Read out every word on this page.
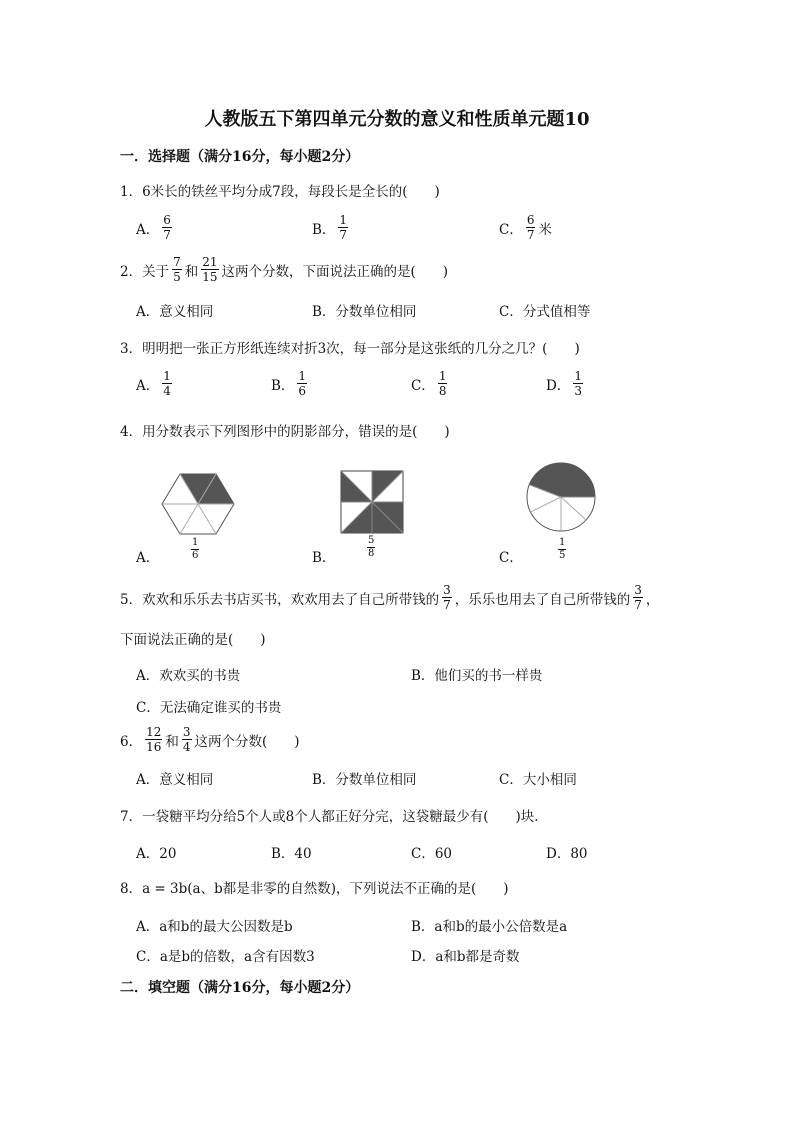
人教版五下第四单元分数的意义和性质单元题10
一．选择题（满分16分，每小题2分）
1．6米长的铁丝平均分成7段，每段长是全长的(　　)
A． $\frac{6}{7}$	B． $\frac{1}{7}$	C． $\frac{6}{7}$ 米
2．关于 $\frac{7}{5}$ 和 $\frac{21}{15}$ 这两个分数，下面说法正确的是(　　)
A．意义相同	B．分数单位相同	C．分式值相等
3．明明把一张正方形纸连续对折3次，每一部分是这张纸的几分之几？(　　)
A． $\frac{1}{4}$	B． $\frac{1}{6}$	C． $\frac{1}{8}$	D． $\frac{1}{3}$
4．用分数表示下列图形中的阴影部分，错误的是(　　)
A．	$\frac{1}{6}$	B．	$\frac{5}{8}$	C．	$\frac{1}{5}$
5．欢欢和乐乐去书店买书，欢欢用去了自己所带钱的 $\frac{3}{7}$ ，乐乐也用去了自己所带钱的 $\frac{3}{7}$ ，
下面说法正确的是(　　)
A．欢欢买的书贵	B．他们买的书一样贵
C．无法确定谁买的书贵
6． $\frac{12}{16}$ 和 $\frac{3}{4}$ 这两个分数(　　)
A．意义相同	B．分数单位相同	C．大小相同
7．一袋糖平均分给5个人或8个人都正好分完，这袋糖最少有(　　)块．
A．20	B．40	C．60	D．80
8．a = 3b(a、b都是非零的自然数)，下列说法不正确的是(　　)
A．a和b的最大公因数是b	B．a和b的最小公倍数是a
C．a是b的倍数，a含有因数3	D．a和b都是奇数
二．填空题（满分16分，每小题2分）
